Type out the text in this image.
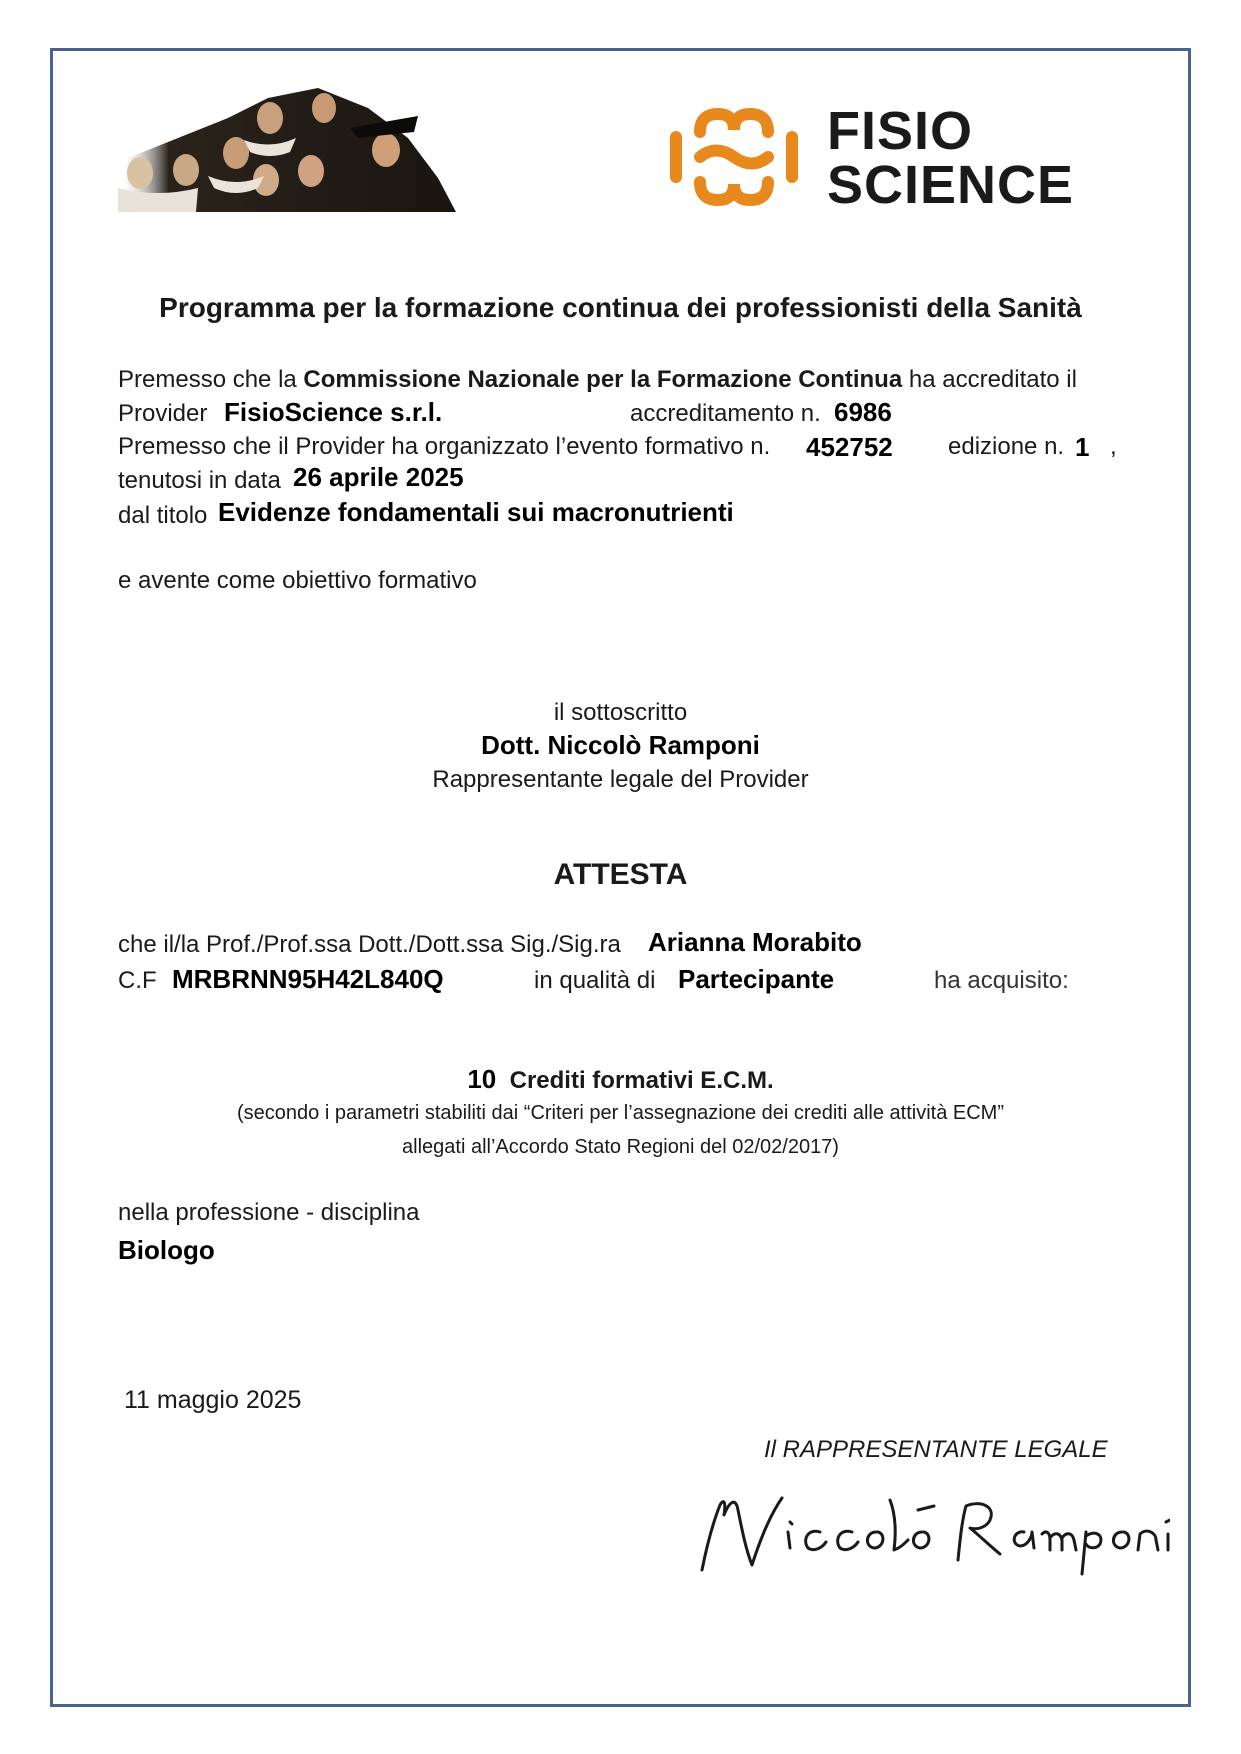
FISIO
SCIENCE
Programma per la formazione continua dei professionisti della Sanità
Premesso che la Commissione Nazionale per la Formazione Continua ha accreditato il
Provider FisioScience s.r.l.	accreditamento n. 6986
Premesso che il Provider ha organizzato l’evento formativo n. 452752 edizione n. 1 ,
tenutosi in data 26 aprile 2025
dal titolo Evidenze fondamentali sui macronutrienti
e avente come obiettivo formativo
il sottoscritto
Dott. Niccolò Ramponi
Rappresentante legale del Provider
ATTESTA
che il/la Prof./Prof.ssa Dott./Dott.ssa Sig./Sig.ra Arianna Morabito
C.F MRBRNN95H42L840Q	in qualità di Partecipante	ha acquisito:
10 Crediti formativi E.C.M.
(secondo i parametri stabiliti dai “Criteri per l’assegnazione dei crediti alle attività ECM”
allegati all’Accordo Stato Regioni del 02/02/2017)
nella professione - disciplina
Biologo
11 maggio 2025
Il RAPPRESENTANTE LEGALE
